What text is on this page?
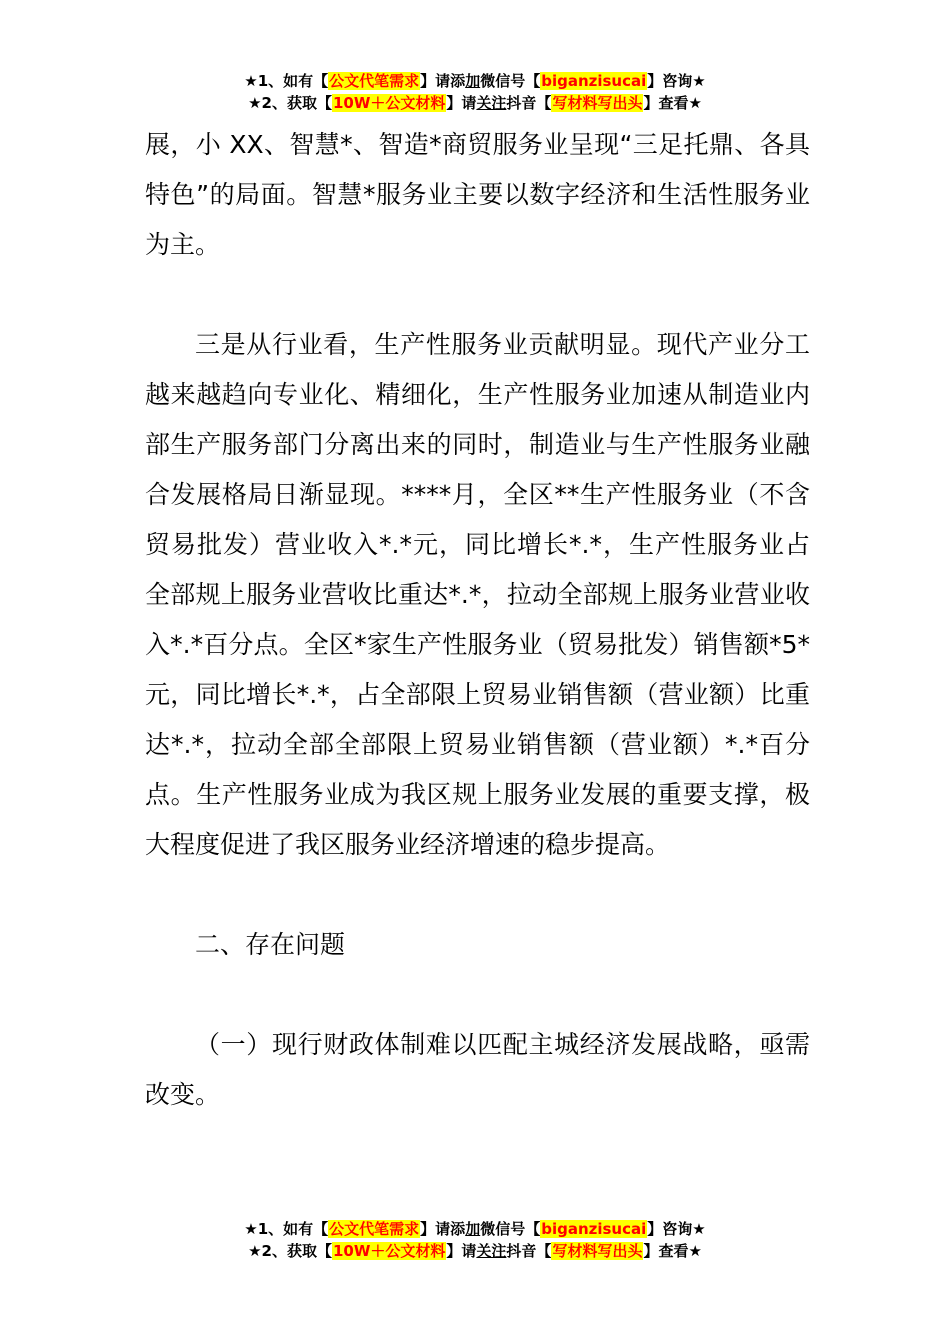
★1、如有【公文代笔需求】请添加微信号【biganzisucai】咨询★
★2、获取【10W＋公文材料】请关注抖音【写材料写出头】查看★

展，小 XX、智慧*、智造*商贸服务业呈现“三足托鼎、各具特色”的局面。智慧*服务业主要以数字经济和生活性服务业为主。

三是从行业看，生产性服务业贡献明显。现代产业分工越来越趋向专业化、精细化，生产性服务业加速从制造业内部生产服务部门分离出来的同时，制造业与生产性服务业融合发展格局日渐显现。****月，全区**生产性服务业（不含贸易批发）营业收入*.*元，同比增长*.*，生产性服务业占全部规上服务业营收比重达*.*，拉动全部规上服务业营业收入*.*百分点。全区*家生产性服务业（贸易批发）销售额*5*元，同比增长*.*，占全部限上贸易业销售额（营业额）比重达*.*，拉动全部全部限上贸易业销售额（营业额）*.*百分点。生产性服务业成为我区规上服务业发展的重要支撑，极大程度促进了我区服务业经济增速的稳步提高。

二、存在问题

（一）现行财政体制难以匹配主城经济发展战略，亟需改变。

★1、如有【公文代笔需求】请添加微信号【biganzisucai】咨询★
★2、获取【10W＋公文材料】请关注抖音【写材料写出头】查看★
